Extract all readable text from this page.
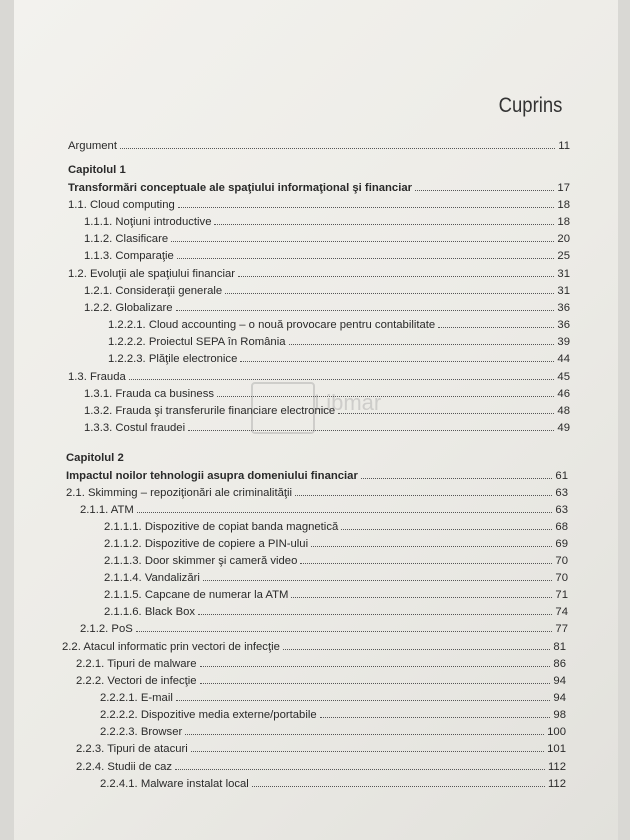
Cuprins
Libmar
Argument	11
Capitolul 1
Transformări conceptuale ale spaţiului informaţional şi financiar	17
1.1. Cloud computing	18
1.1.1. Noţiuni introductive	18
1.1.2. Clasificare	20
1.1.3. Comparaţie	25
1.2. Evoluţii ale spaţiului financiar	31
1.2.1. Consideraţii generale	31
1.2.2. Globalizare	36
1.2.2.1. Cloud accounting – o nouă provocare pentru contabilitate	36
1.2.2.2. Proiectul SEPA în România	39
1.2.2.3. Plăţile electronice	44
1.3. Frauda	45
1.3.1. Frauda ca business	46
1.3.2. Frauda şi transferurile financiare electronice	48
1.3.3. Costul fraudei	49
Capitolul 2
Impactul noilor tehnologii asupra domeniului financiar	61
2.1. Skimming – repoziţionări ale criminalităţii	63
2.1.1. ATM	63
2.1.1.1. Dispozitive de copiat banda magnetică	68
2.1.1.2. Dispozitive de copiere a PIN-ului	69
2.1.1.3. Door skimmer şi cameră video	70
2.1.1.4. Vandalizări	70
2.1.1.5. Capcane de numerar la ATM	71
2.1.1.6. Black Box	74
2.1.2. PoS	77
2.2. Atacul informatic prin vectori de infecţie	81
2.2.1. Tipuri de malware	86
2.2.2. Vectori de infecţie	94
2.2.2.1. E-mail	94
2.2.2.2. Dispozitive media externe/portabile	98
2.2.2.3. Browser	100
2.2.3. Tipuri de atacuri	101
2.2.4. Studii de caz	112
2.2.4.1. Malware instalat local	112
